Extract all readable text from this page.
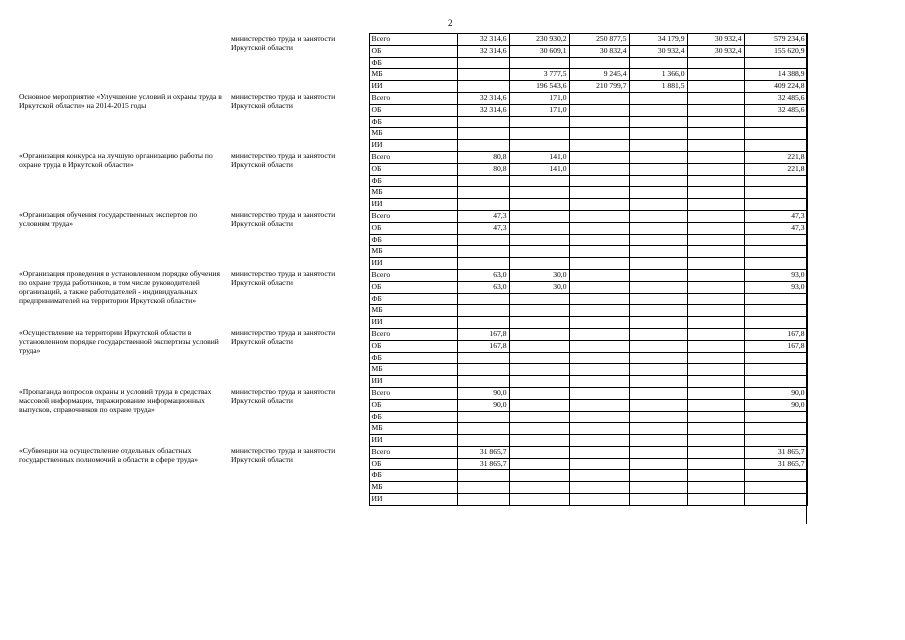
2
	министерство труда и занятости Иркутской области	Всего	32 314,6	230 930,2	250 877,5	34 179,9	30 932,4	579 234,6
		ОБ	32 314,6	30 609,1	30 832,4	30 932,4	30 932,4	155 620,9
		ФБ						
		МБ		3 777,5	9 245,4	1 366,0		14 388,9
		ИИ		196 543,6	210 799,7	1 881,5		409 224,8
Основное мероприятие «Улучшение условий и охраны труда в Иркутской области» на 2014-2015 годы	министерство труда и занятости Иркутской области	Всего	32 314,6	171,0				32 485,6
		ОБ	32 314,6	171,0				32 485,6
		ФБ						
		МБ						
		ИИ						
«Организация конкурса на лучшую организацию работы по охране труда в Иркутской области»	министерство труда и занятости Иркутской области	Всего	80,8	141,0				221,8
		ОБ	80,8	141,0				221,8
		ФБ						
		МБ						
		ИИ						
«Организация обучения государственных экспертов по условиям труда»	министерство труда и занятости Иркутской области	Всего	47,3					47,3
		ОБ	47,3					47,3
		ФБ						
		МБ						
		ИИ						
«Организация проведения в установленном порядке обучения по охране труда работников, в том числе руководителей организаций, а также работодателей - индивидуальных предпринимателей на территории Иркутской области»	министерство труда и занятости Иркутской области	Всего	63,0	30,0				93,0
		ОБ	63,0	30,0				93,0
		ФБ						
		МБ						
		ИИ						
«Осуществление на территории Иркутской области в установленном порядке государственной экспертизы условий труда»	министерство труда и занятости Иркутской области	Всего	167,8					167,8
		ОБ	167,8					167,8
		ФБ						
		МБ						
		ИИ						
«Пропаганда вопросов охраны и условий труда в средствах массовой информации, тиражирование информационных выпусков, справочников по охране труда»	министерство труда и занятости Иркутской области	Всего	90,0					90,0
		ОБ	90,0					90,0
		ФБ						
		МБ						
		ИИ						
«Субвенции на осуществление отдельных областных государственных полномочий в области в сфере труда»	министерство труда и занятости Иркутской области	Всего	31 865,7					31 865,7
		ОБ	31 865,7					31 865,7
		ФБ						
		МБ						
		ИИ						
